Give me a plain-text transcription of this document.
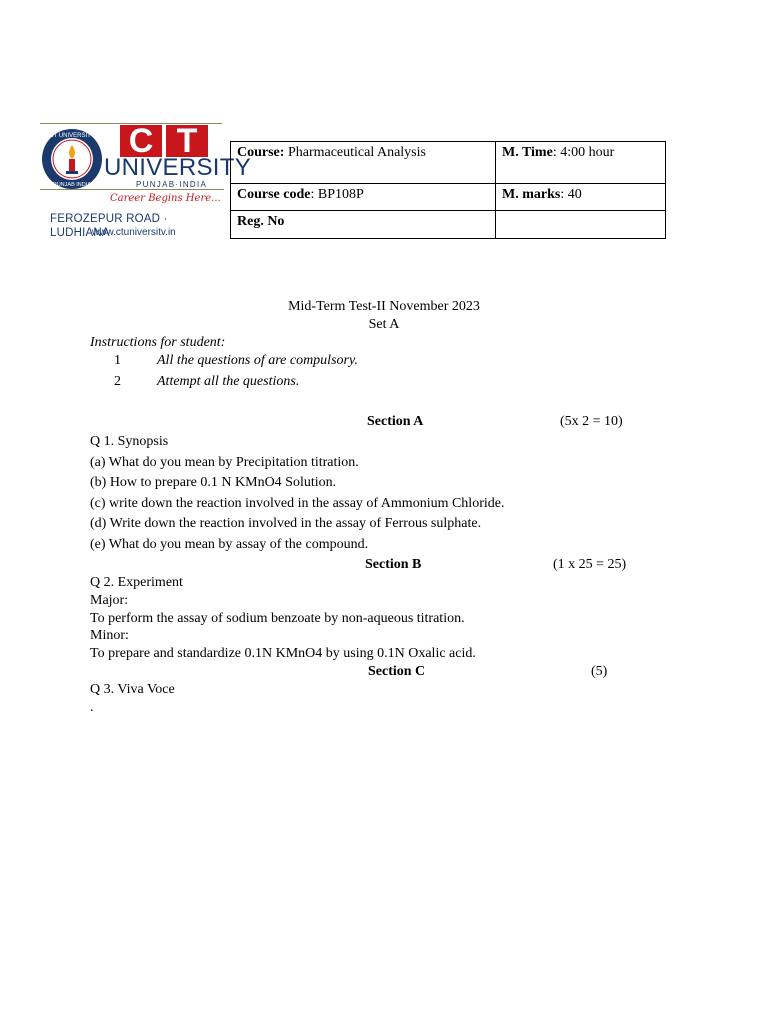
CT UNIVERSITY
PUNJAB INDIA
C T
UNIVERSITY
PUNJAB·INDIA
Career Begins Here...
FEROZEPUR ROAD · LUDHIANA
www.ctuniversitv.in
Course: Pharmaceutical Analysis	M. Time: 4:00 hour
Course code: BP108P	M. marks: 40
Reg. No	
Mid-Term Test-II November 2023
Set A
Instructions for student:
1	All the questions of are compulsory.
2	Attempt all the questions.
Section A	(5x 2 = 10)
Q 1. Synopsis
(a) What do you mean by Precipitation titration.
(b) How to prepare 0.1 N KMnO4 Solution.
(c) write down the reaction involved in the assay of Ammonium Chloride.
(d) Write down the reaction involved in the assay of Ferrous sulphate.
(e) What do you mean by assay of the compound.
Section B	(1 x 25 = 25)
Q 2. Experiment
Major:
To perform the assay of sodium benzoate by non-aqueous titration.
Minor:
To prepare and standardize 0.1N KMnO4 by using 0.1N Oxalic acid.
Section C	(5)
Q 3. Viva Voce
.
